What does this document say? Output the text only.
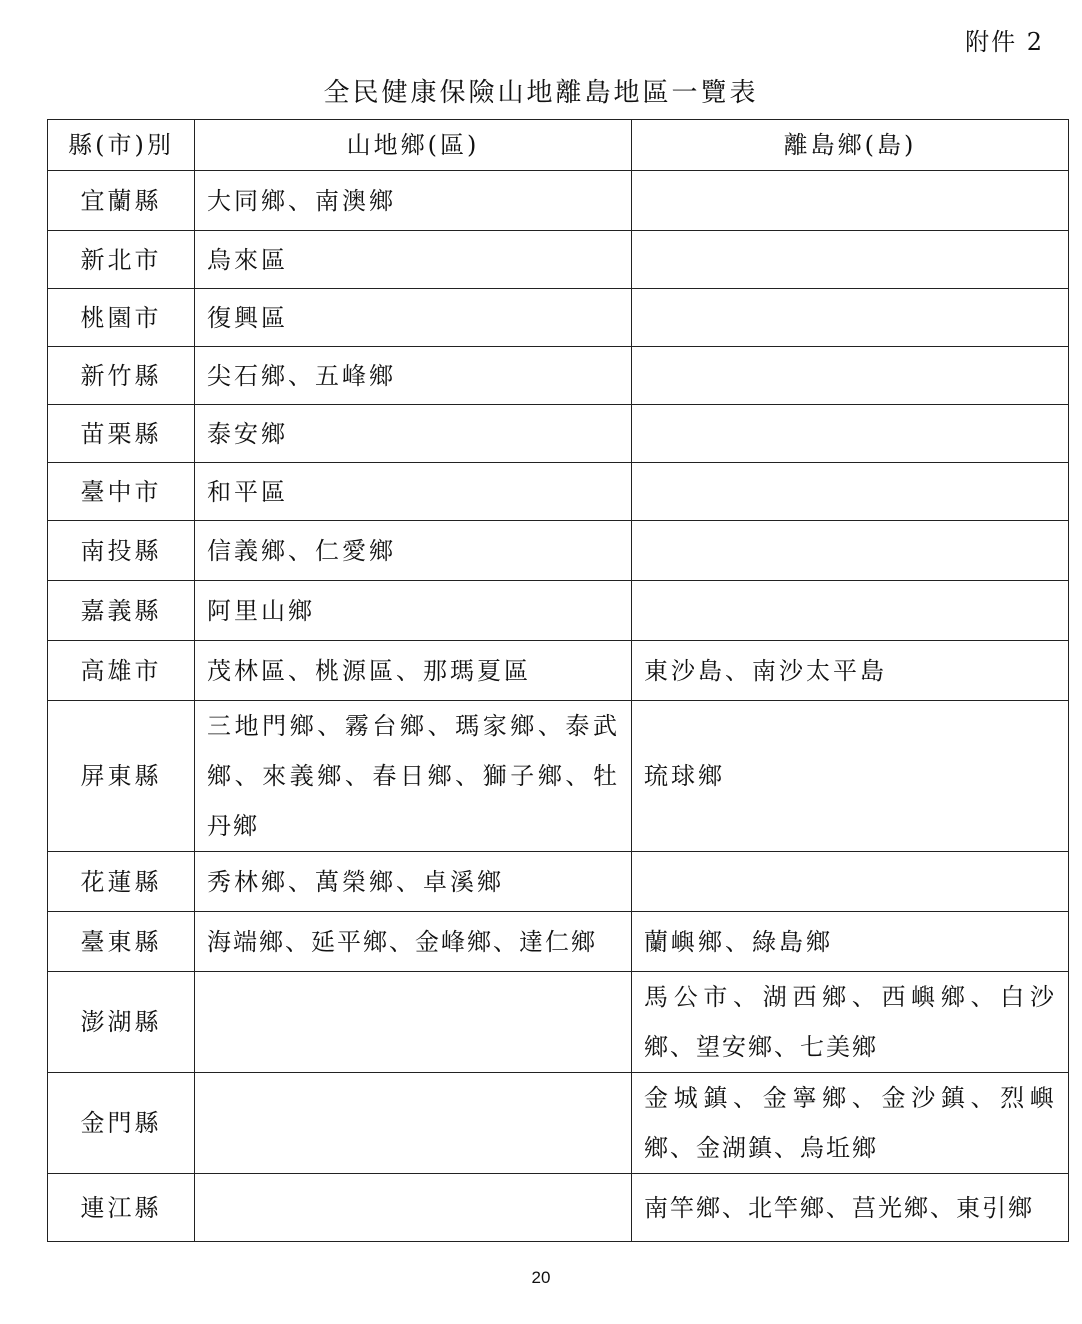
附件 2
全民健康保險山地離島地區一覽表
縣(市)別	山地鄉(區)	離島鄉(島)
宜蘭縣	大同鄉、南澳鄉	
新北市	烏來區	
桃園市	復興區	
新竹縣	尖石鄉、五峰鄉	
苗栗縣	泰安鄉	
臺中市	和平區	
南投縣	信義鄉、仁愛鄉	
嘉義縣	阿里山鄉	
高雄市	茂林區、桃源區、那瑪夏區	東沙島、南沙太平島
屏東縣	三地門鄉、霧台鄉、瑪家鄉、泰武鄉、來義鄉、春日鄉、獅子鄉、牡丹鄉	琉球鄉
花蓮縣	秀林鄉、萬榮鄉、卓溪鄉	
臺東縣	海端鄉、延平鄉、金峰鄉、達仁鄉	蘭嶼鄉、綠島鄉
澎湖縣		馬公市、湖西鄉、西嶼鄉、白沙鄉、望安鄉、七美鄉
金門縣		金城鎮、金寧鄉、金沙鎮、烈嶼鄉、金湖鎮、烏坵鄉
連江縣		南竿鄉、北竿鄉、莒光鄉、東引鄉
20
